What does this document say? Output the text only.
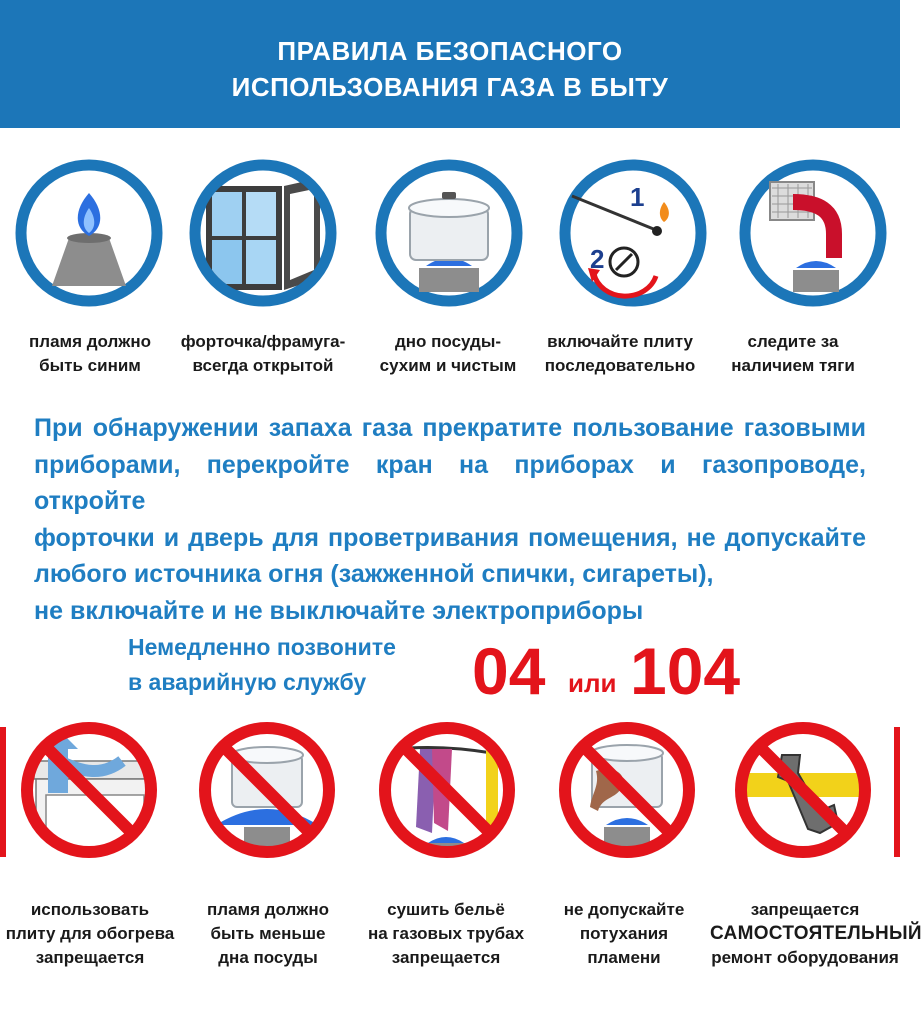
ПРАВИЛА БЕЗОПАСНОГО
ИСПОЛЬЗОВАНИЯ ГАЗА В БЫТУ
1
2
пламя должно
быть синим
форточка/фрамуга-
всегда открытой
дно посуды-
сухим и чистым
включайте плиту
последовательно
следите за
наличием тяги
При обнаружении запаха газа прекратите пользование газовыми
приборами, перекройте кран на приборах и газопроводе, откройте
форточки и дверь для проветривания помещения, не допускайте
любого источника огня (зажженной спички, сигареты),
не включайте и не выключайте электроприборы
Немедленно позвоните
в аварийную службу	04 или 104
использовать
плиту для обогрева
запрещается
пламя должно
быть меньше
дна посуды
сушить бельё
на газовых трубах
запрещается
не допускайте
потухания
пламени
запрещается
САМОСТОЯТЕЛЬНЫЙ
ремонт оборудования
